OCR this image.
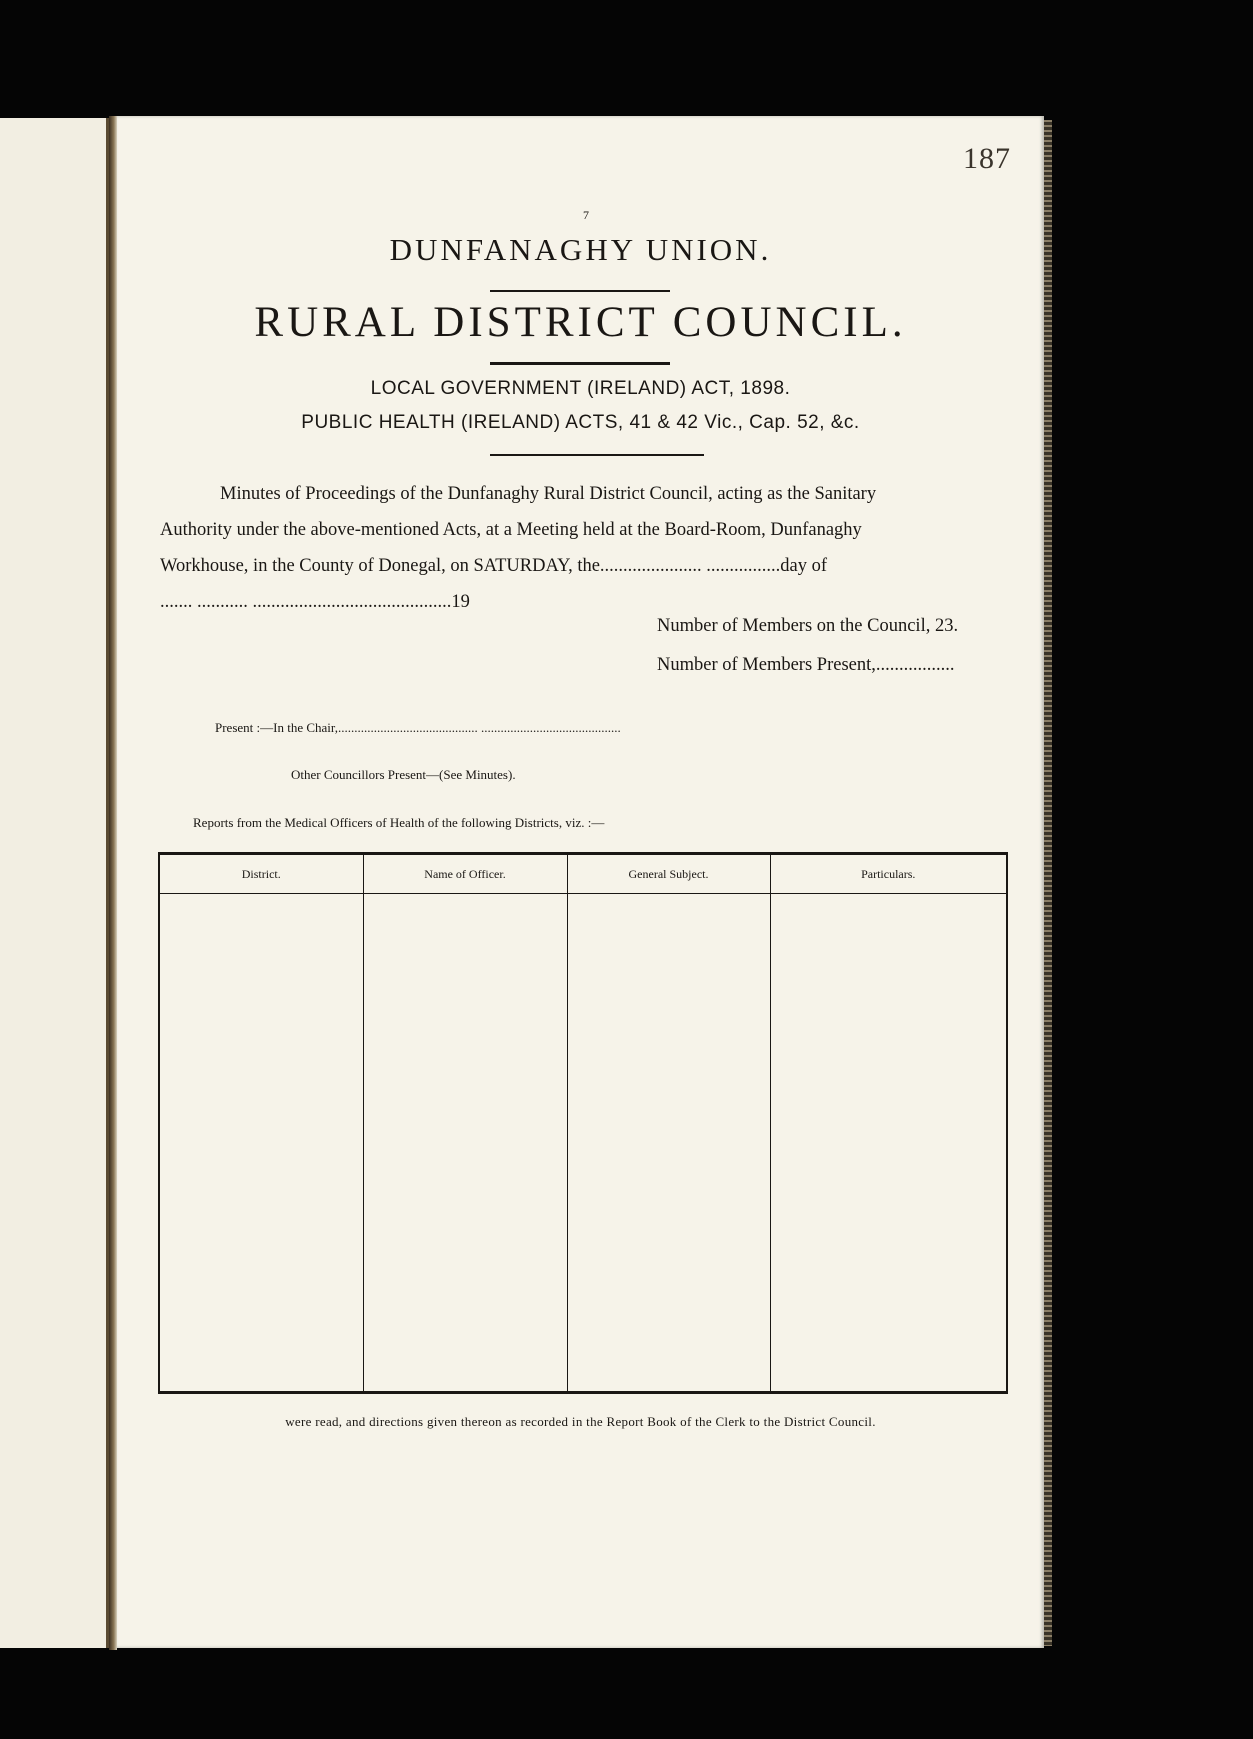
187
7
DUNFANAGHY UNION.
RURAL DISTRICT COUNCIL.
LOCAL GOVERNMENT (IRELAND) ACT, 1898.
PUBLIC HEALTH (IRELAND) ACTS, 41 & 42 Vic., Cap. 52, &c.
Minutes of Proceedings of the Dunfanaghy Rural District Council, acting as the Sanitary
Authority under the above-mentioned Acts, at a Meeting held at the Board-Room, Dunfanaghy
Workhouse, in the County of Donegal, on SATURDAY, the...................... ................day of
....... ........... ...........................................19
Number of Members on the Council, 23.
Number of Members Present,.................
Present :—In the Chair,........................................... ...........................................
Other Councillors Present—(See Minutes).
Reports from the Medical Officers of Health of the following Districts, viz. :—
District.	Name of Officer.	General Subject.	Particulars.

were read, and directions given thereon as recorded in the Report Book of the Clerk to the District Council.
